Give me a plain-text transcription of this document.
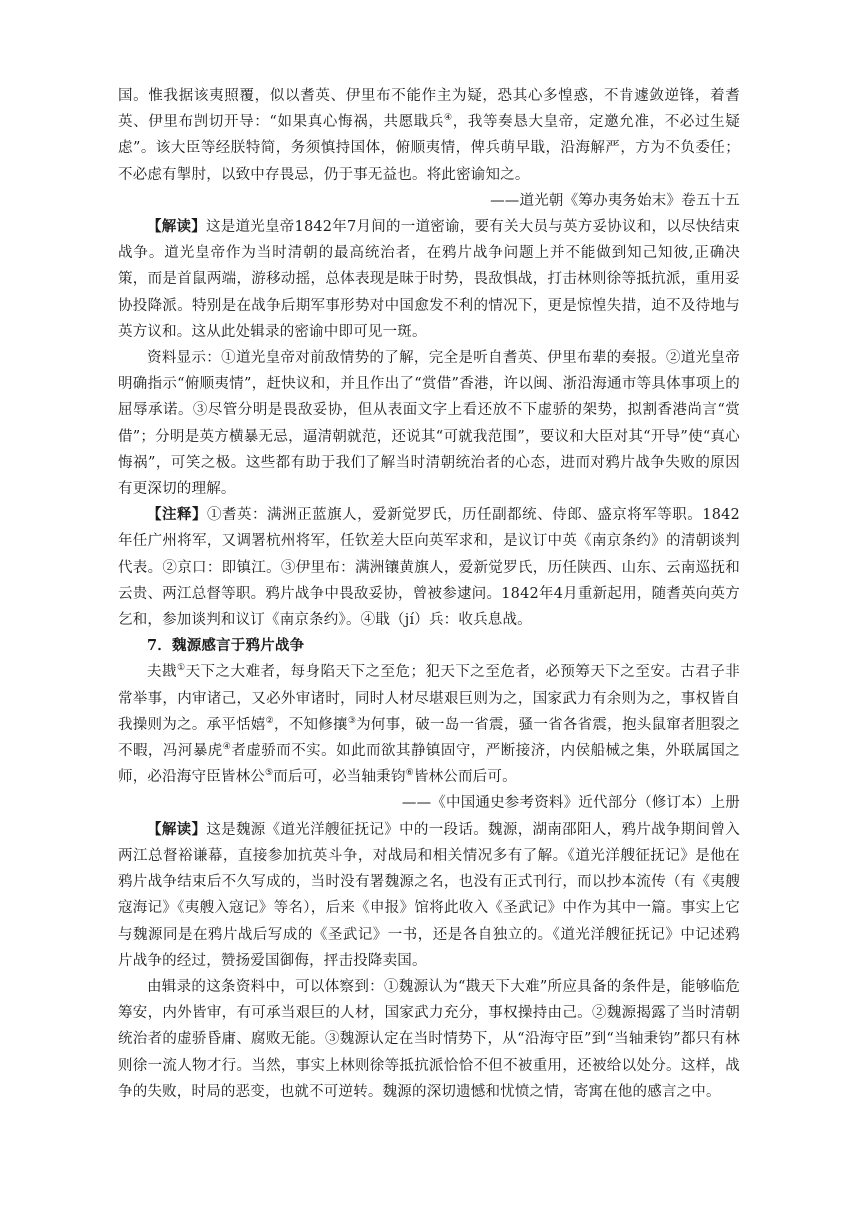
国。惟我据该夷照覆，似以耆英、伊里布不能作主为疑，恐其心多惶惑，不肯遽敛逆锋，着耆英、伊里布剀切开导：“如果真心悔祸，共愿戢兵④，我等奏恳大皇帝，定邀允准，不必过生疑虑”。该大臣等经朕特简，务须慎持国体，俯顺夷情，俾兵萌早戢，沿海解严，方为不负委任；不必虑有掣肘，以致中存畏忌，仍于事无益也。将此密谕知之。

——道光朝《筹办夷务始末》卷五十五

【解读】这是道光皇帝1842年7月间的一道密谕，要有关大员与英方妥协议和，以尽快结束战争。道光皇帝作为当时清朝的最高统治者，在鸦片战争问题上并不能做到知己知彼,正确决策，而是首鼠两端，游移动摇，总体表现是昧于时势，畏敌惧战，打击林则徐等抵抗派，重用妥协投降派。特别是在战争后期军事形势对中国愈发不利的情况下，更是惊惶失措，迫不及待地与英方议和。这从此处辑录的密谕中即可见一斑。

资料显示：①道光皇帝对前敌情势的了解，完全是听自耆英、伊里布辈的奏报。②道光皇帝明确指示“俯顺夷情”，赶快议和，并且作出了“赏借”香港，许以闽、浙沿海通市等具体事项上的屈辱承诺。③尽管分明是畏敌妥协，但从表面文字上看还放不下虚骄的架势，拟割香港尚言“赏借”；分明是英方横暴无忌，逼清朝就范，还说其“可就我范围”，要议和大臣对其“开导”使“真心悔祸”，可笑之极。这些都有助于我们了解当时清朝统治者的心态，进而对鸦片战争失败的原因有更深切的理解。

【注释】①耆英：满洲正蓝旗人，爱新觉罗氏，历任副都统、侍郎、盛京将军等职。1842年任广州将军，又调署杭州将军，任钦差大臣向英军求和，是议订中英《南京条约》的清朝谈判代表。②京口：即镇江。③伊里布：满洲镶黄旗人，爱新觉罗氏，历任陕西、山东、云南巡抚和云贵、两江总督等职。鸦片战争中畏敌妥协，曾被参逮问。1842年4月重新起用，随耆英向英方乞和，参加谈判和议订《南京条约》。④戢（jí）兵：收兵息战。

7．魏源感言于鸦片战争

夫戡①天下之大难者，每身陷天下之至危；犯天下之至危者，必预筹天下之至安。古君子非常举事，内审诸己，又必外审诸时，同时人材尽堪艰巨则为之，国家武力有余则为之，事权皆自我操则为之。承平恬嬉②，不知修攘③为何事，破一岛一省震，骚一省各省震，抱头鼠窜者胆裂之不暇，冯河暴虎④者虚骄而不实。如此而欲其静镇固守，严断接济，内侯船械之集，外联属国之师，必沿海守臣皆林公⑤而后可，必当轴秉钧⑥皆林公而后可。

——《中国通史参考资料》近代部分（修订本）上册

【解读】这是魏源《道光洋艘征抚记》中的一段话。魏源，湖南邵阳人，鸦片战争期间曾入两江总督裕谦幕，直接参加抗英斗争，对战局和相关情况多有了解。《道光洋艘征抚记》是他在鸦片战争结束后不久写成的，当时没有署魏源之名，也没有正式刊行，而以抄本流传（有《夷艘寇海记》《夷艘入寇记》等名），后来《申报》馆将此收入《圣武记》中作为其中一篇。事实上它与魏源同是在鸦片战后写成的《圣武记》一书，还是各自独立的。《道光洋艘征抚记》中记述鸦片战争的经过，赞扬爱国御侮，抨击投降卖国。

由辑录的这条资料中，可以体察到：①魏源认为“戡天下大难”所应具备的条件是，能够临危筹安，内外皆审，有可承当艰巨的人材，国家武力充分，事权操持由己。②魏源揭露了当时清朝统治者的虚骄昏庸、腐败无能。③魏源认定在当时情势下，从“沿海守臣”到“当轴秉钧”都只有林则徐一流人物才行。当然，事实上林则徐等抵抗派恰恰不但不被重用，还被给以处分。这样，战争的失败，时局的恶变，也就不可逆转。魏源的深切遗憾和忧愤之情，寄寓在他的感言之中。
